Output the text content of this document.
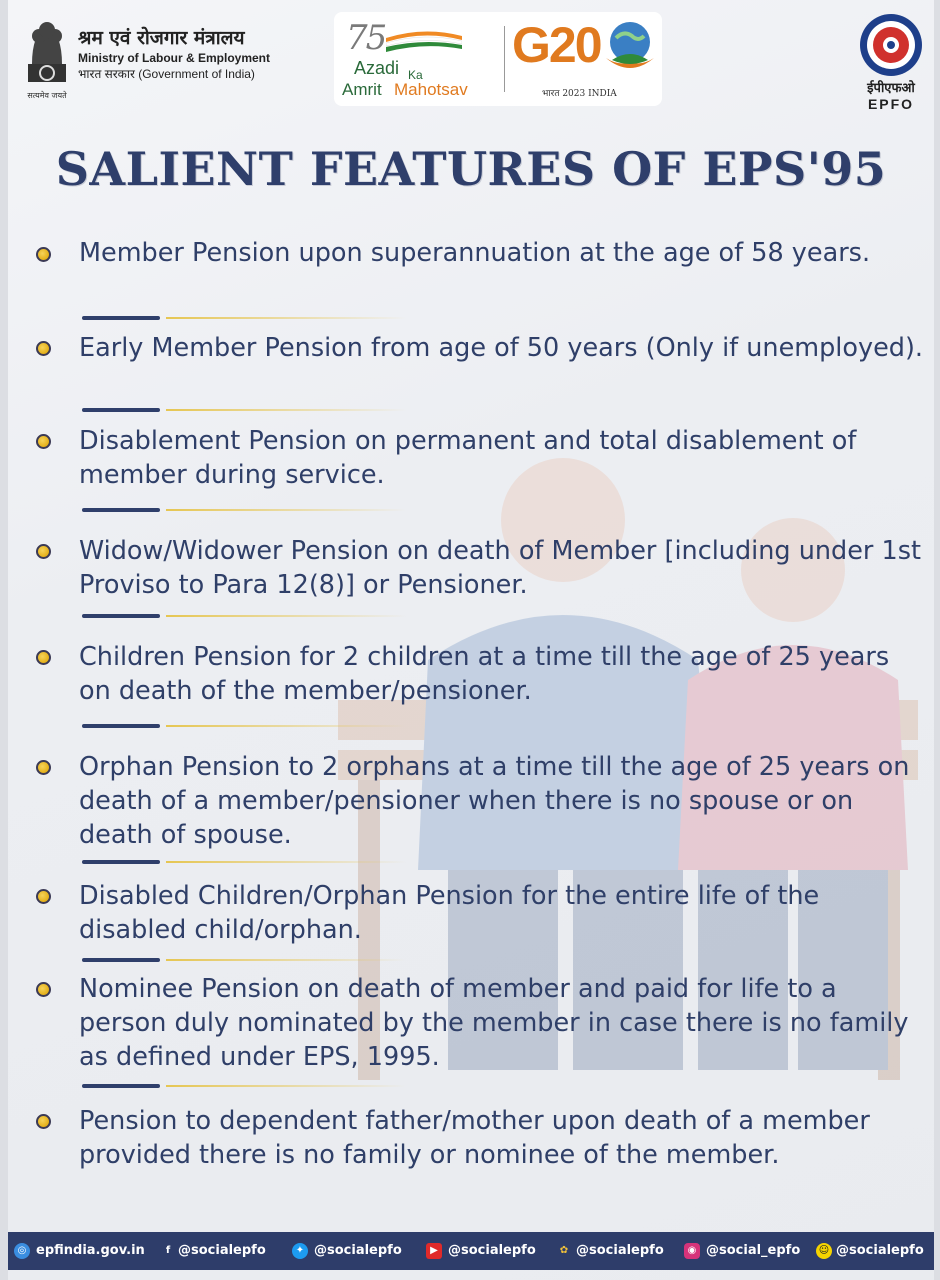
सत्यमेव जयते
श्रम एवं रोजगार मंत्रालय
Ministry of Labour & Employment
भारत सरकार (Government of India)
75
Azadi Ka
Amrit Mahotsav
G20
भारत 2023 INDIA	ईपीएफओ
EPFO
SALIENT FEATURES OF EPS'95
Member Pension upon superannuation at the age of 58 years.
Early Member Pension from age of 50 years (Only if unemployed).
Disablement Pension on permanent and total disablement of member during service.
Widow/Widower Pension on death of Member [including under 1st Proviso to Para 12(8)] or Pensioner.
Children Pension for 2 children at a time till the age of 25 years on death of the member/pensioner.
Orphan Pension to 2 orphans at a time till the age of 25 years on death of a member/pensioner when there is no spouse or on death of spouse.
Disabled Children/Orphan Pension for the entire life of the disabled child/orphan.
Nominee Pension on death of member and paid for life to a person duly nominated by the member in case there is no family as defined under EPS, 1995.
Pension to dependent father/mother upon death of a member provided there is no family or nominee of the member.
◎ epfindia.gov.in	f @socialepfo	✦ @socialepfo	▶ @socialepfo	✿ @socialepfo	◉ @social_epfo ☺ @socialepfo
